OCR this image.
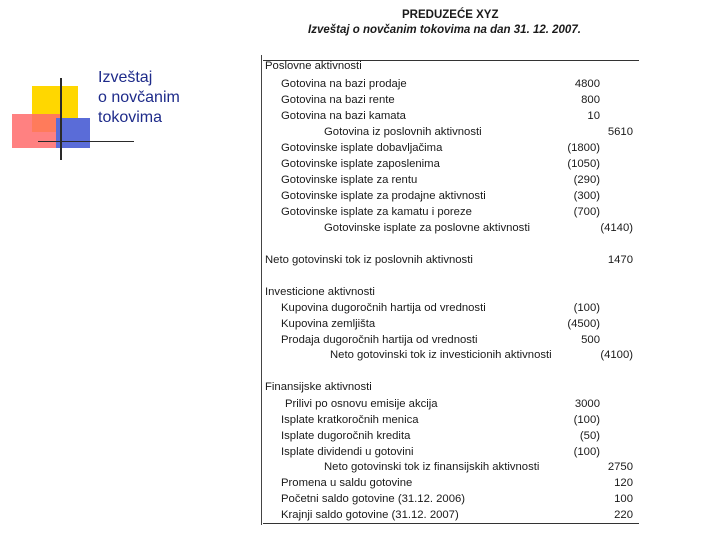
Izveštaj
o novčanim
tokovima
PREDUZEĆE XYZ
Izveštaj o novčanim tokovima na dan 31. 12. 2007.
Poslovne aktivnosti
Gotovina na bazi prodaje	4800
Gotovina na bazi rente	800
Gotovina na bazi kamata	10
Gotovina iz poslovnih aktivnosti	5610
Gotovinske isplate dobavljačima	(1800)
Gotovinske isplate zaposlenima	(1050)
Gotovinske isplate za rentu	(290)
Gotovinske isplate za prodajne aktivnosti	(300)
Gotovinske isplate za kamatu i poreze	(700)
Gotovinske isplate za poslovne aktivnosti	(4140)
Neto gotovinski tok iz poslovnih aktivnosti	1470
Investicione aktivnosti
Kupovina dugoročnih hartija od vrednosti	(100)
Kupovina zemljišta	(4500)
Prodaja dugoročnih hartija od vrednosti	500
Neto gotovinski tok iz investicionih aktivnosti	(4100)
Finansijske aktivnosti
Prilivi po osnovu emisije akcija	3000
Isplate kratkoročnih menica	(100)
Isplate dugoročnih kredita	(50)
Isplate dividendi u gotovini	(100)
Neto gotovinski tok iz finansijskih aktivnosti	2750
Promena u saldu gotovine	120
Početni saldo gotovine (31.12. 2006)	100
Krajnji saldo gotovine (31.12. 2007)	220
